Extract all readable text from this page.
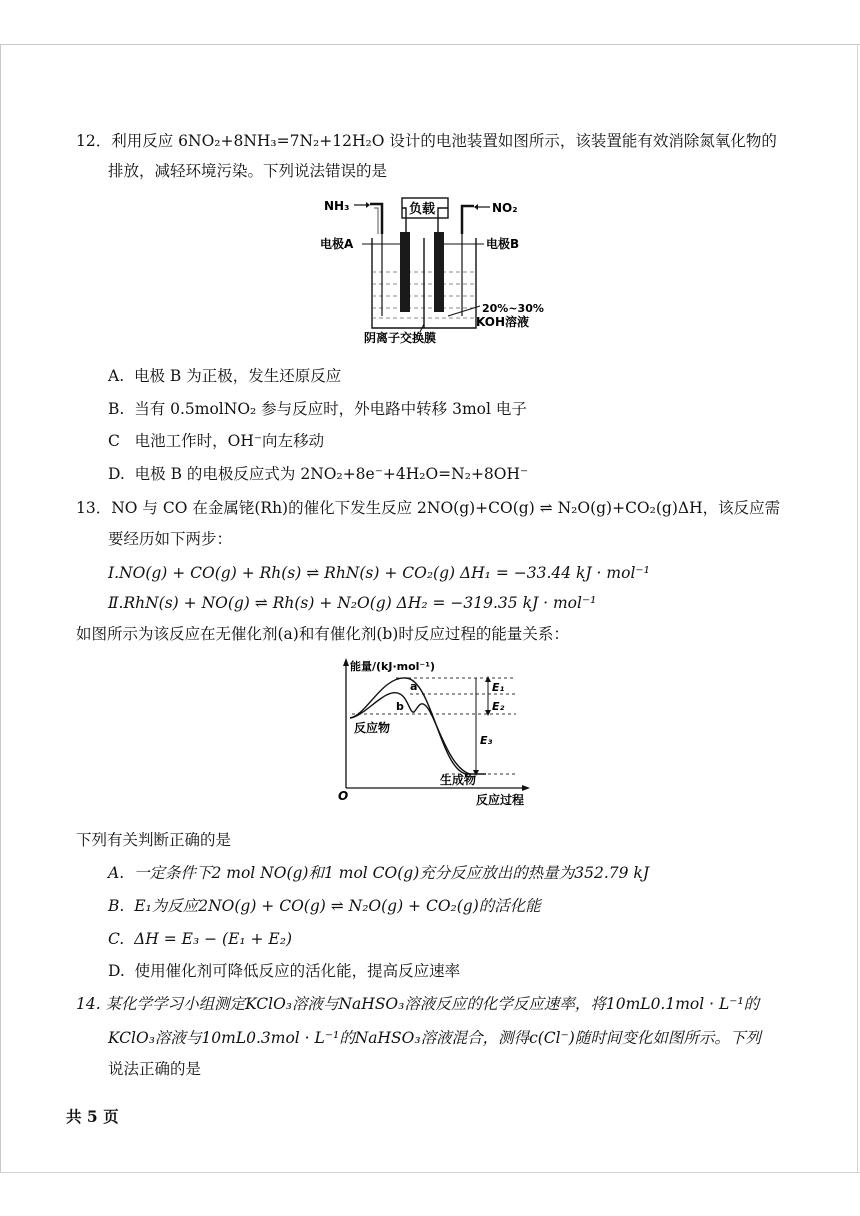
12．利用反应 6NO₂+8NH₃=7N₂+12H₂O 设计的电池装置如图所示，该装置能有效消除氮氧化物的
排放，减轻环境污染。下列说法错误的是
NH₃	NO₂
电极A	电极B
20%~30%
KOH溶液
阴离子交换膜
负载
A. 电极 B 为正极，发生还原反应
B. 当有 0.5molNO₂ 参与反应时，外电路中转移 3mol 电子
C 电池工作时，OH⁻向左移动
D. 电极 B 的电极反应式为 2NO₂+8e⁻+4H₂O=N₂+8OH⁻
13．NO 与 CO 在金属铑(Rh)的催化下发生反应 2NO(g)+CO(g) ⇌ N₂O(g)+CO₂(g)ΔH，该反应需
要经历如下两步：
Ⅰ.NO(g) + CO(g) + Rh(s) ⇌ RhN(s) + CO₂(g) ΔH₁ = −33.44 kJ · mol⁻¹
Ⅱ.RhN(s) + NO(g) ⇌ Rh(s) + N₂O(g) ΔH₂ = −319.35 kJ · mol⁻¹
如图所示为该反应在无催化剂(a)和有催化剂(b)时反应过程的能量关系：
能量/(kJ·mol⁻¹)
反应过程
O
a
b
反应物
生成物
E₁
E₂
E₃
下列有关判断正确的是
A. 一定条件下2 mol NO(g)和1 mol CO(g)充分反应放出的热量为352.79 kJ
B. E₁为反应2NO(g) + CO(g) ⇌ N₂O(g) + CO₂(g)的活化能
C. ΔH = E₃ − (E₁ + E₂)
D. 使用催化剂可降低反应的活化能，提高反应速率
14. 某化学学习小组测定KClO₃溶液与NaHSO₃溶液反应的化学反应速率，将10mL0.1mol · L⁻¹的
KClO₃溶液与10mL0.3mol · L⁻¹的NaHSO₃溶液混合，测得c(Cl⁻)随时间变化如图所示。下列
说法正确的是
共 5 页
